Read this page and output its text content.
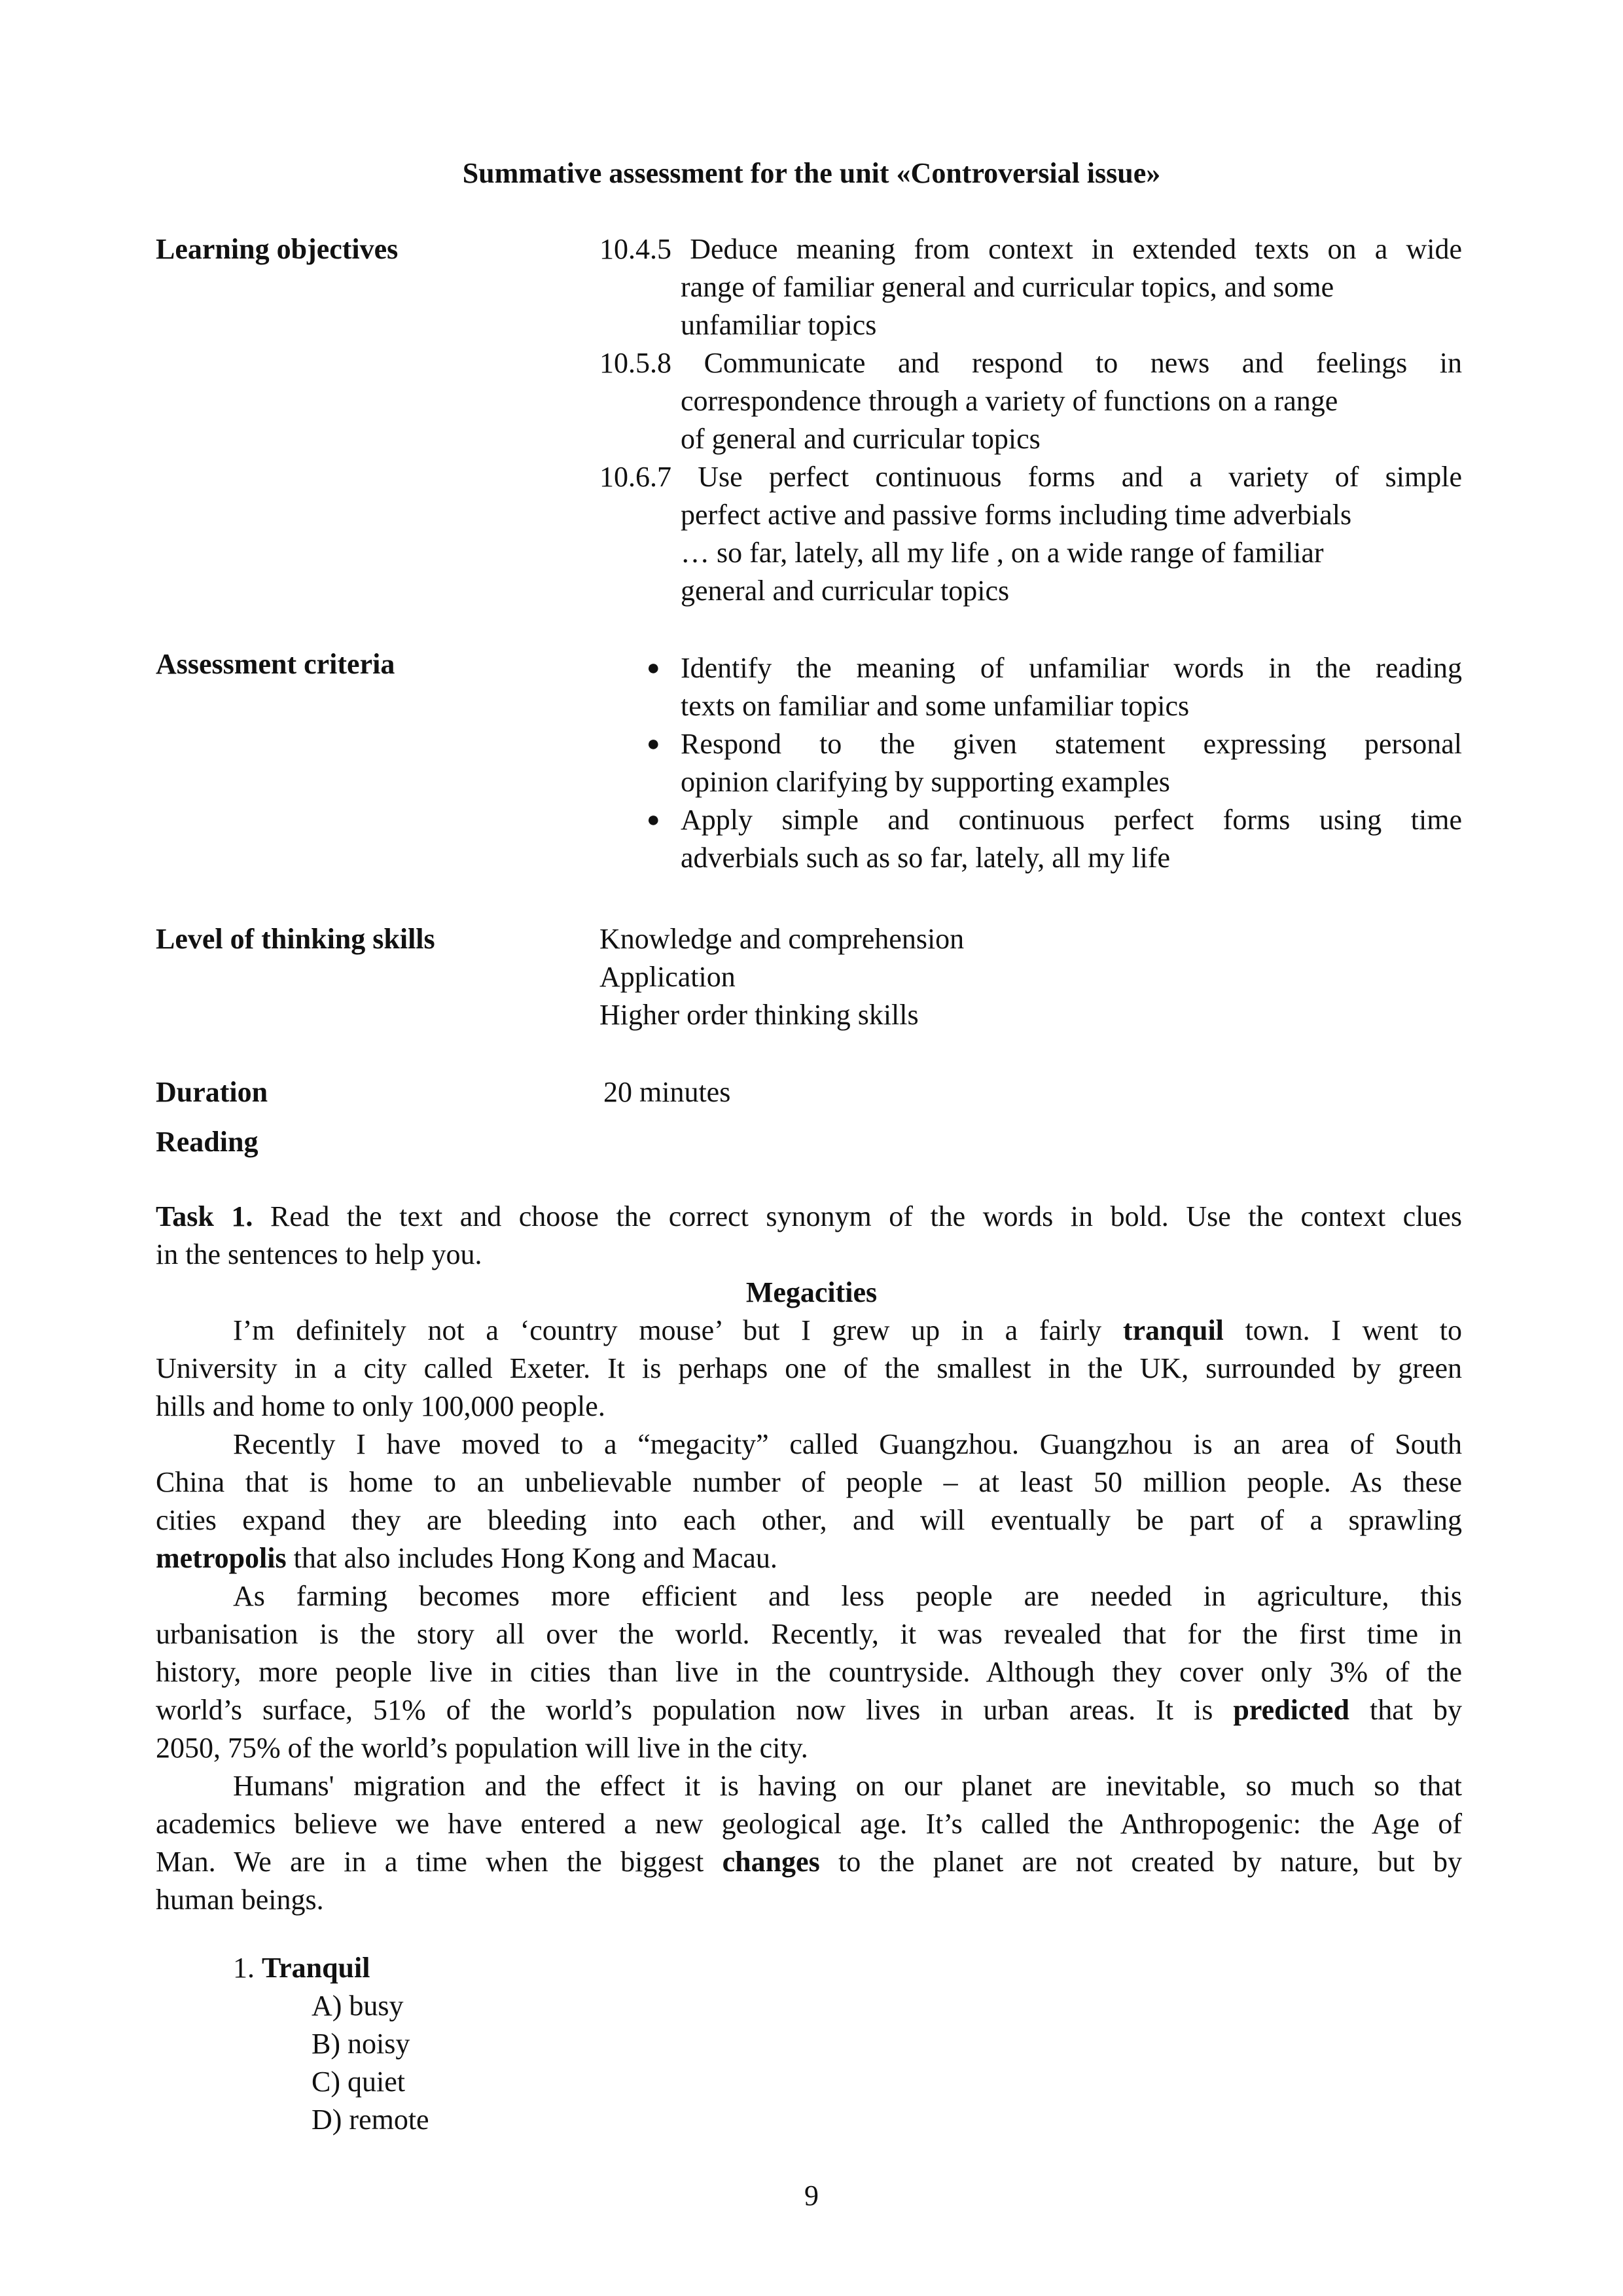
Summative assessment for the unit «Controversial issue»
Learning objectives	10.4.5 Deduce meaning from context in extended texts on a wide
range of familiar general and curricular topics, and some
unfamiliar topics
10.5.8 Communicate and respond to news and feelings in
correspondence through a variety of functions on a range
of general and curricular topics
10.6.7 Use perfect continuous forms and a variety of simple
perfect active and passive forms including time adverbials
… so far, lately, all my life , on a wide range of familiar
general and curricular topics
Assessment criteria	●
●
●
Identify the meaning of unfamiliar words in the reading
texts on familiar and some unfamiliar topics
Respond to the given statement expressing personal
opinion clarifying by supporting examples
Apply simple and continuous perfect forms using time
adverbials such as so far, lately, all my life
Level of thinking skills	Knowledge and comprehension
Application
Higher order thinking skills
Duration	20 minutes
Reading
Task 1. Read the text and choose the correct synonym of the words in bold. Use the context clues
in the sentences to help you.
Megacities
I’m definitely not a ‘country mouse’ but I grew up in a fairly tranquil town. I went to
University in a city called Exeter. It is perhaps one of the smallest in the UK, surrounded by green
hills and home to only 100,000 people.
Recently I have moved to a “megacity” called Guangzhou. Guangzhou is an area of South
China that is home to an unbelievable number of people – at least 50 million people. As these
cities expand they are bleeding into each other, and will eventually be part of a sprawling
metropolis that also includes Hong Kong and Macau.
As farming becomes more efficient and less people are needed in agriculture, this
urbanisation is the story all over the world. Recently, it was revealed that for the first time in
history, more people live in cities than live in the countryside. Although they cover only 3% of the
world’s surface, 51% of the world’s population now lives in urban areas. It is predicted that by
2050, 75% of the world’s population will live in the city.
Humans' migration and the effect it is having on our planet are inevitable, so much so that
academics believe we have entered a new geological age. It’s called the Anthropogenic: the Age of
Man. We are in a time when the biggest changes to the planet are not created by nature, but by
human beings.
1. Tranquil
A) busy
B) noisy
C) quiet
D) remote
9
